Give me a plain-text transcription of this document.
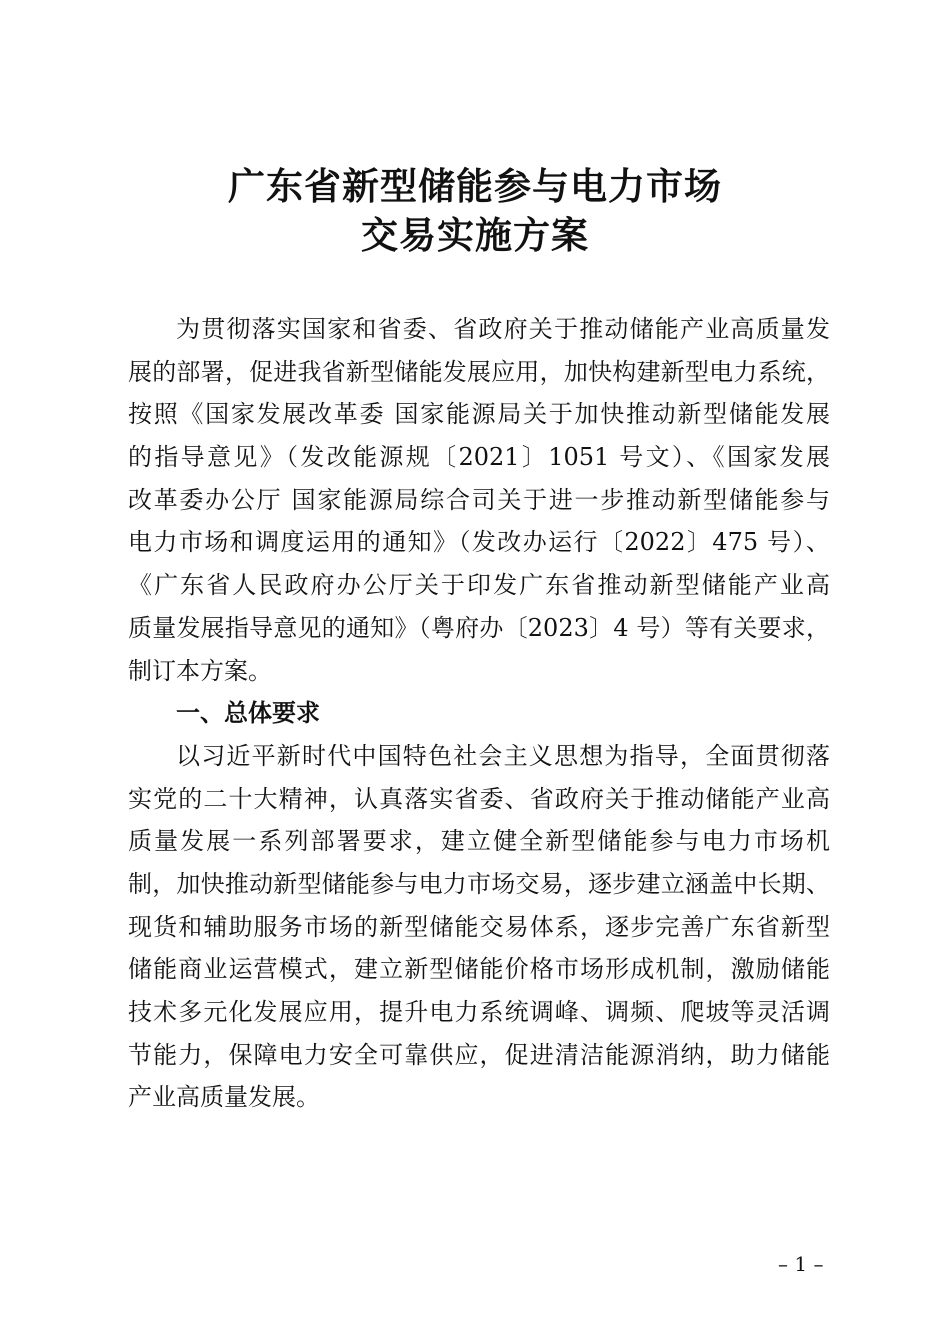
广东省新型储能参与电力市场
交易实施方案
为贯彻落实国家和省委、省政府关于推动储能产业高质量发
展的部署，促进我省新型储能发展应用，加快构建新型电力系统，
按照《国家发展改革委 国家能源局关于加快推动新型储能发展
的指导意见》（发改能源规〔2021〕1051 号文）、《国家发展
改革委办公厅 国家能源局综合司关于进一步推动新型储能参与
电力市场和调度运用的通知》（发改办运行〔2022〕475 号）、
《广东省人民政府办公厅关于印发广东省推动新型储能产业高
质量发展指导意见的通知》（粤府办〔2023〕4 号）等有关要求，
制订本方案。
一、总体要求
以习近平新时代中国特色社会主义思想为指导，全面贯彻落
实党的二十大精神，认真落实省委、省政府关于推动储能产业高
质量发展一系列部署要求，建立健全新型储能参与电力市场机
制，加快推动新型储能参与电力市场交易，逐步建立涵盖中长期、
现货和辅助服务市场的新型储能交易体系，逐步完善广东省新型
储能商业运营模式，建立新型储能价格市场形成机制，激励储能
技术多元化发展应用，提升电力系统调峰、调频、爬坡等灵活调
节能力，保障电力安全可靠供应，促进清洁能源消纳，助力储能
产业高质量发展。
– 1 –
